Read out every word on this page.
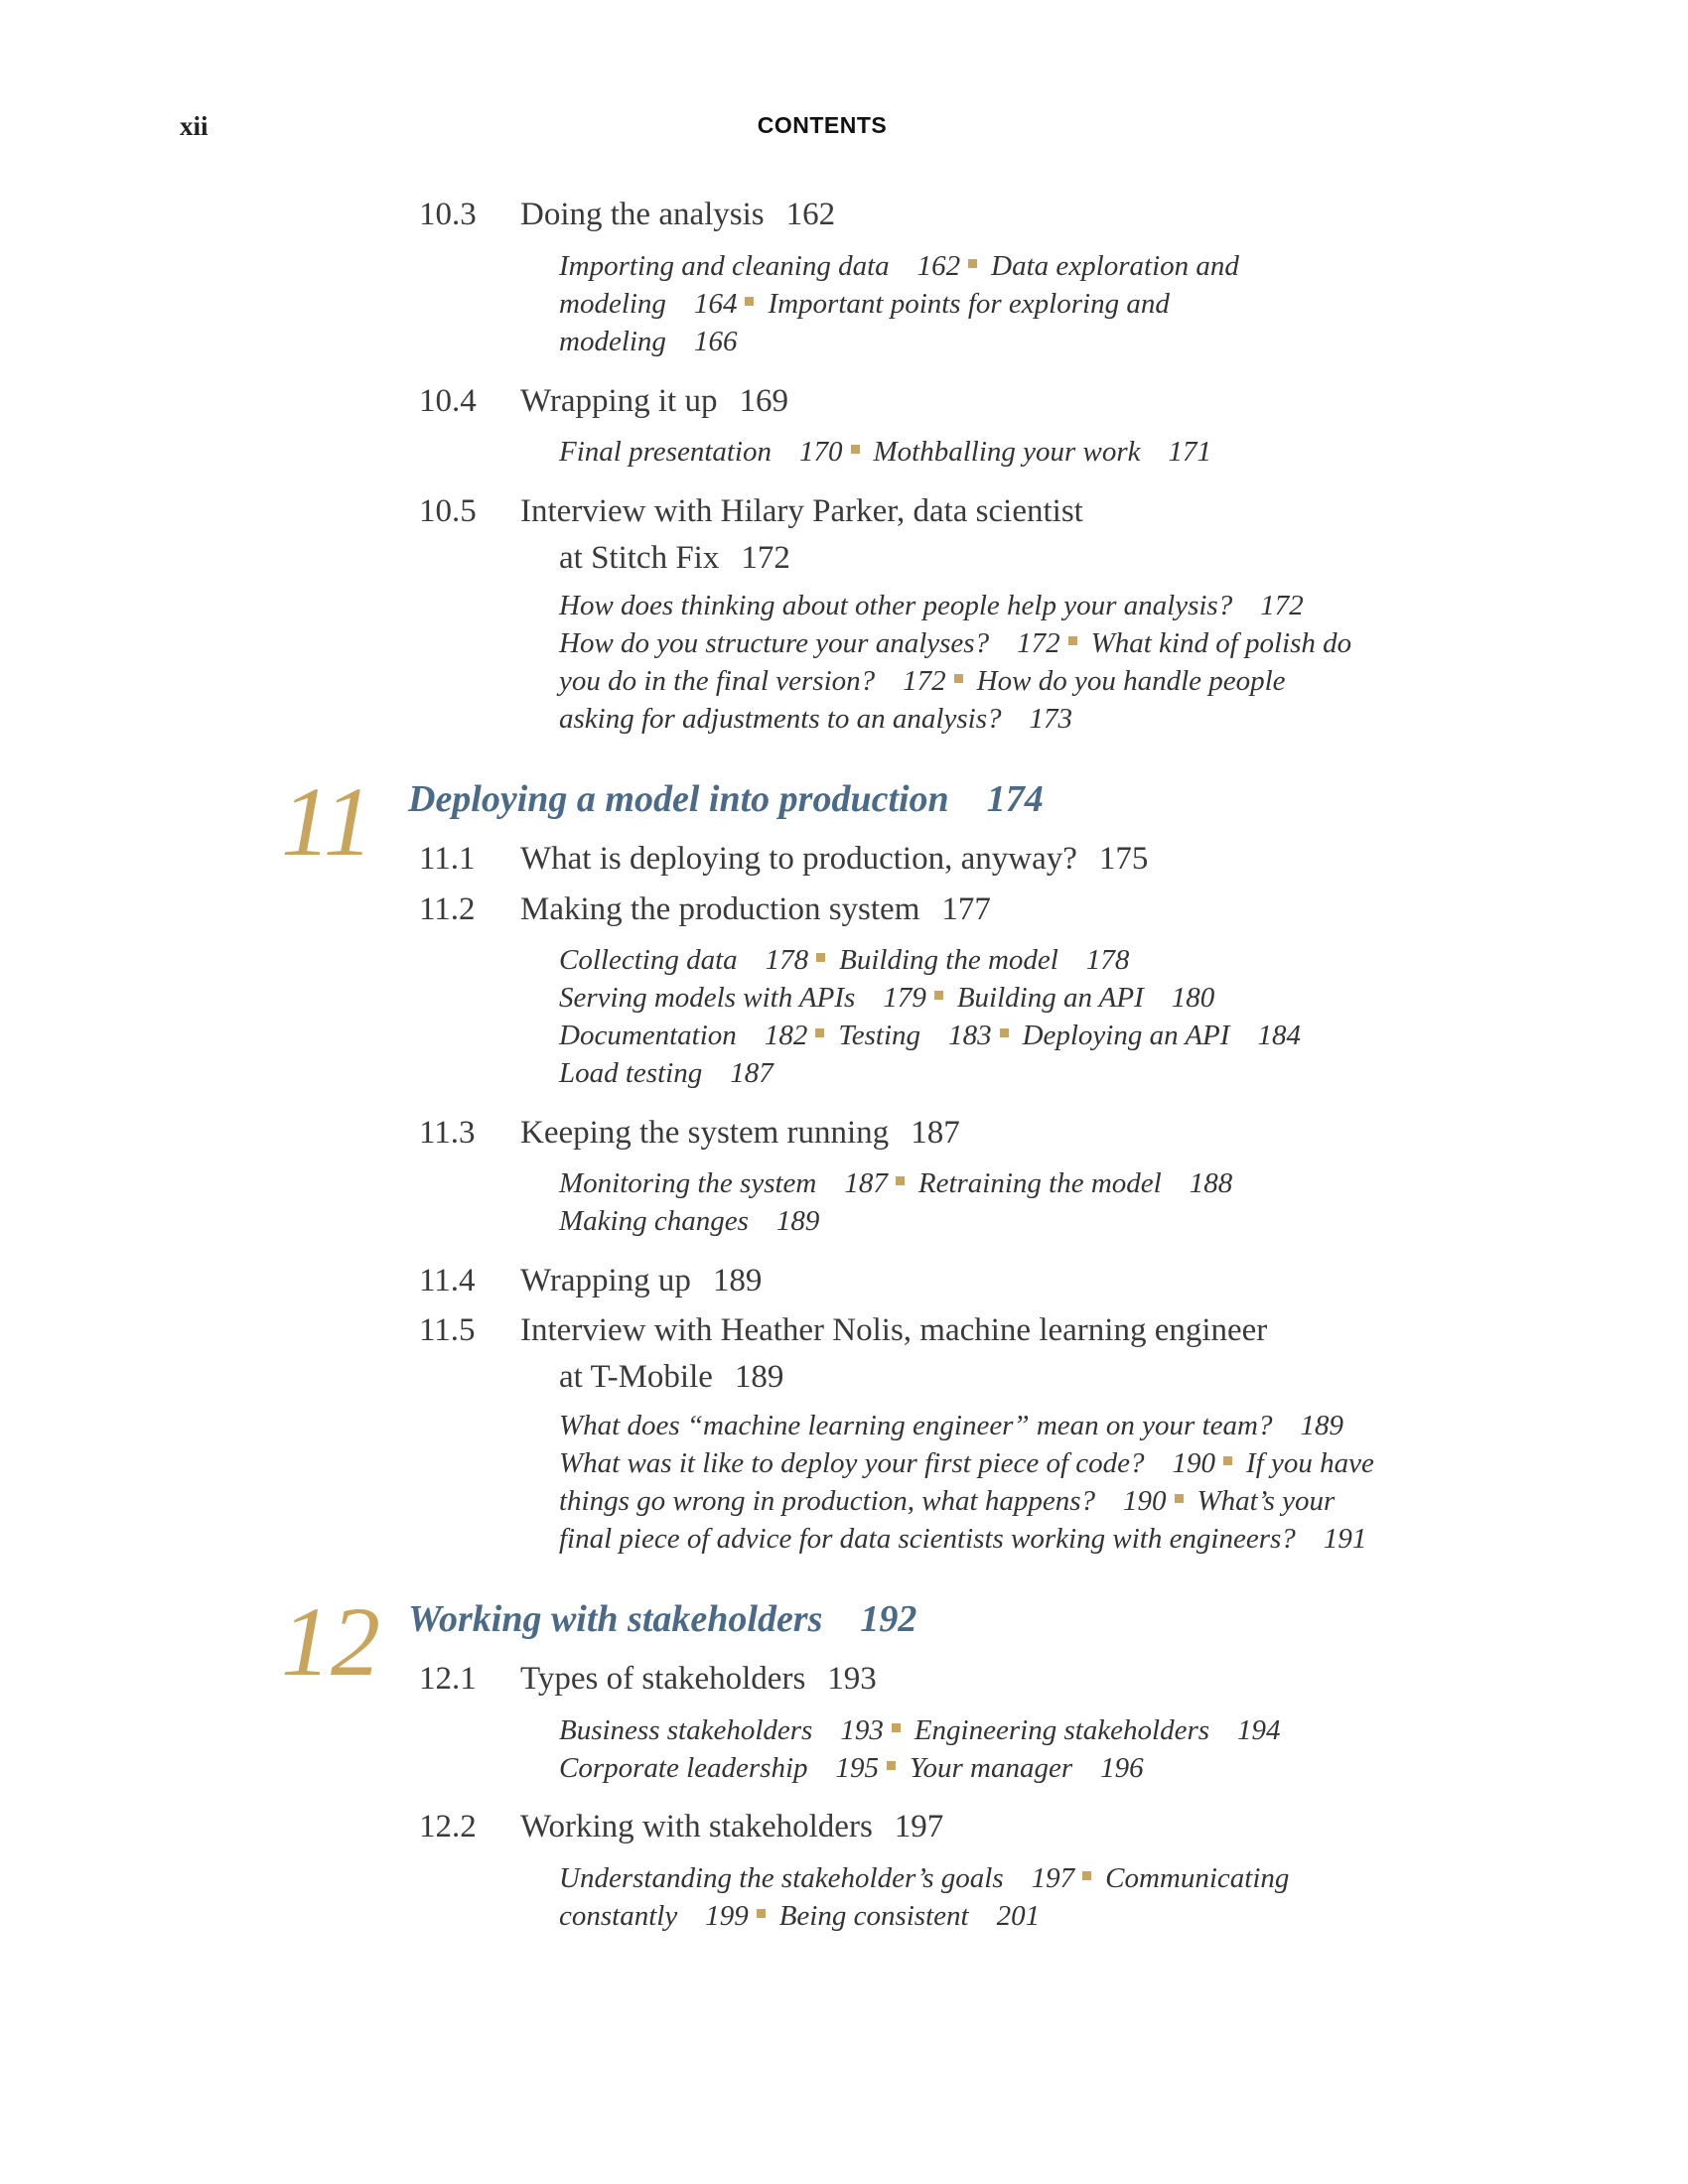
xii	CONTENTS
10.3 Doing the analysis 162
Importing and cleaning data 162 Data exploration and
modeling 164 Important points for exploring and
modeling 166
10.4 Wrapping it up 169
Final presentation 170 Mothballing your work 171
10.5 Interview with Hilary Parker, data scientist
at Stitch Fix 172
How does thinking about other people help your analysis? 172
How do you structure your analyses? 172 What kind of polish do
you do in the final version? 172 How do you handle people
asking for adjustments to an analysis? 173
11 Deploying a model into production 174
11.1 What is deploying to production, anyway? 175
11.2 Making the production system 177
Collecting data 178 Building the model 178
Serving models with APIs 179 Building an API 180
Documentation 182 Testing 183 Deploying an API 184
Load testing 187
11.3 Keeping the system running 187
Monitoring the system 187 Retraining the model 188
Making changes 189
11.4 Wrapping up 189
11.5 Interview with Heather Nolis, machine learning engineer
at T-Mobile 189
What does “machine learning engineer” mean on your team? 189
What was it like to deploy your first piece of code? 190 If you have
things go wrong in production, what happens? 190 What’s your
final piece of advice for data scientists working with engineers? 191
12 Working with stakeholders 192
12.1 Types of stakeholders 193
Business stakeholders 193 Engineering stakeholders 194
Corporate leadership 195 Your manager 196
12.2 Working with stakeholders 197
Understanding the stakeholder’s goals 197 Communicating
constantly 199 Being consistent 201
